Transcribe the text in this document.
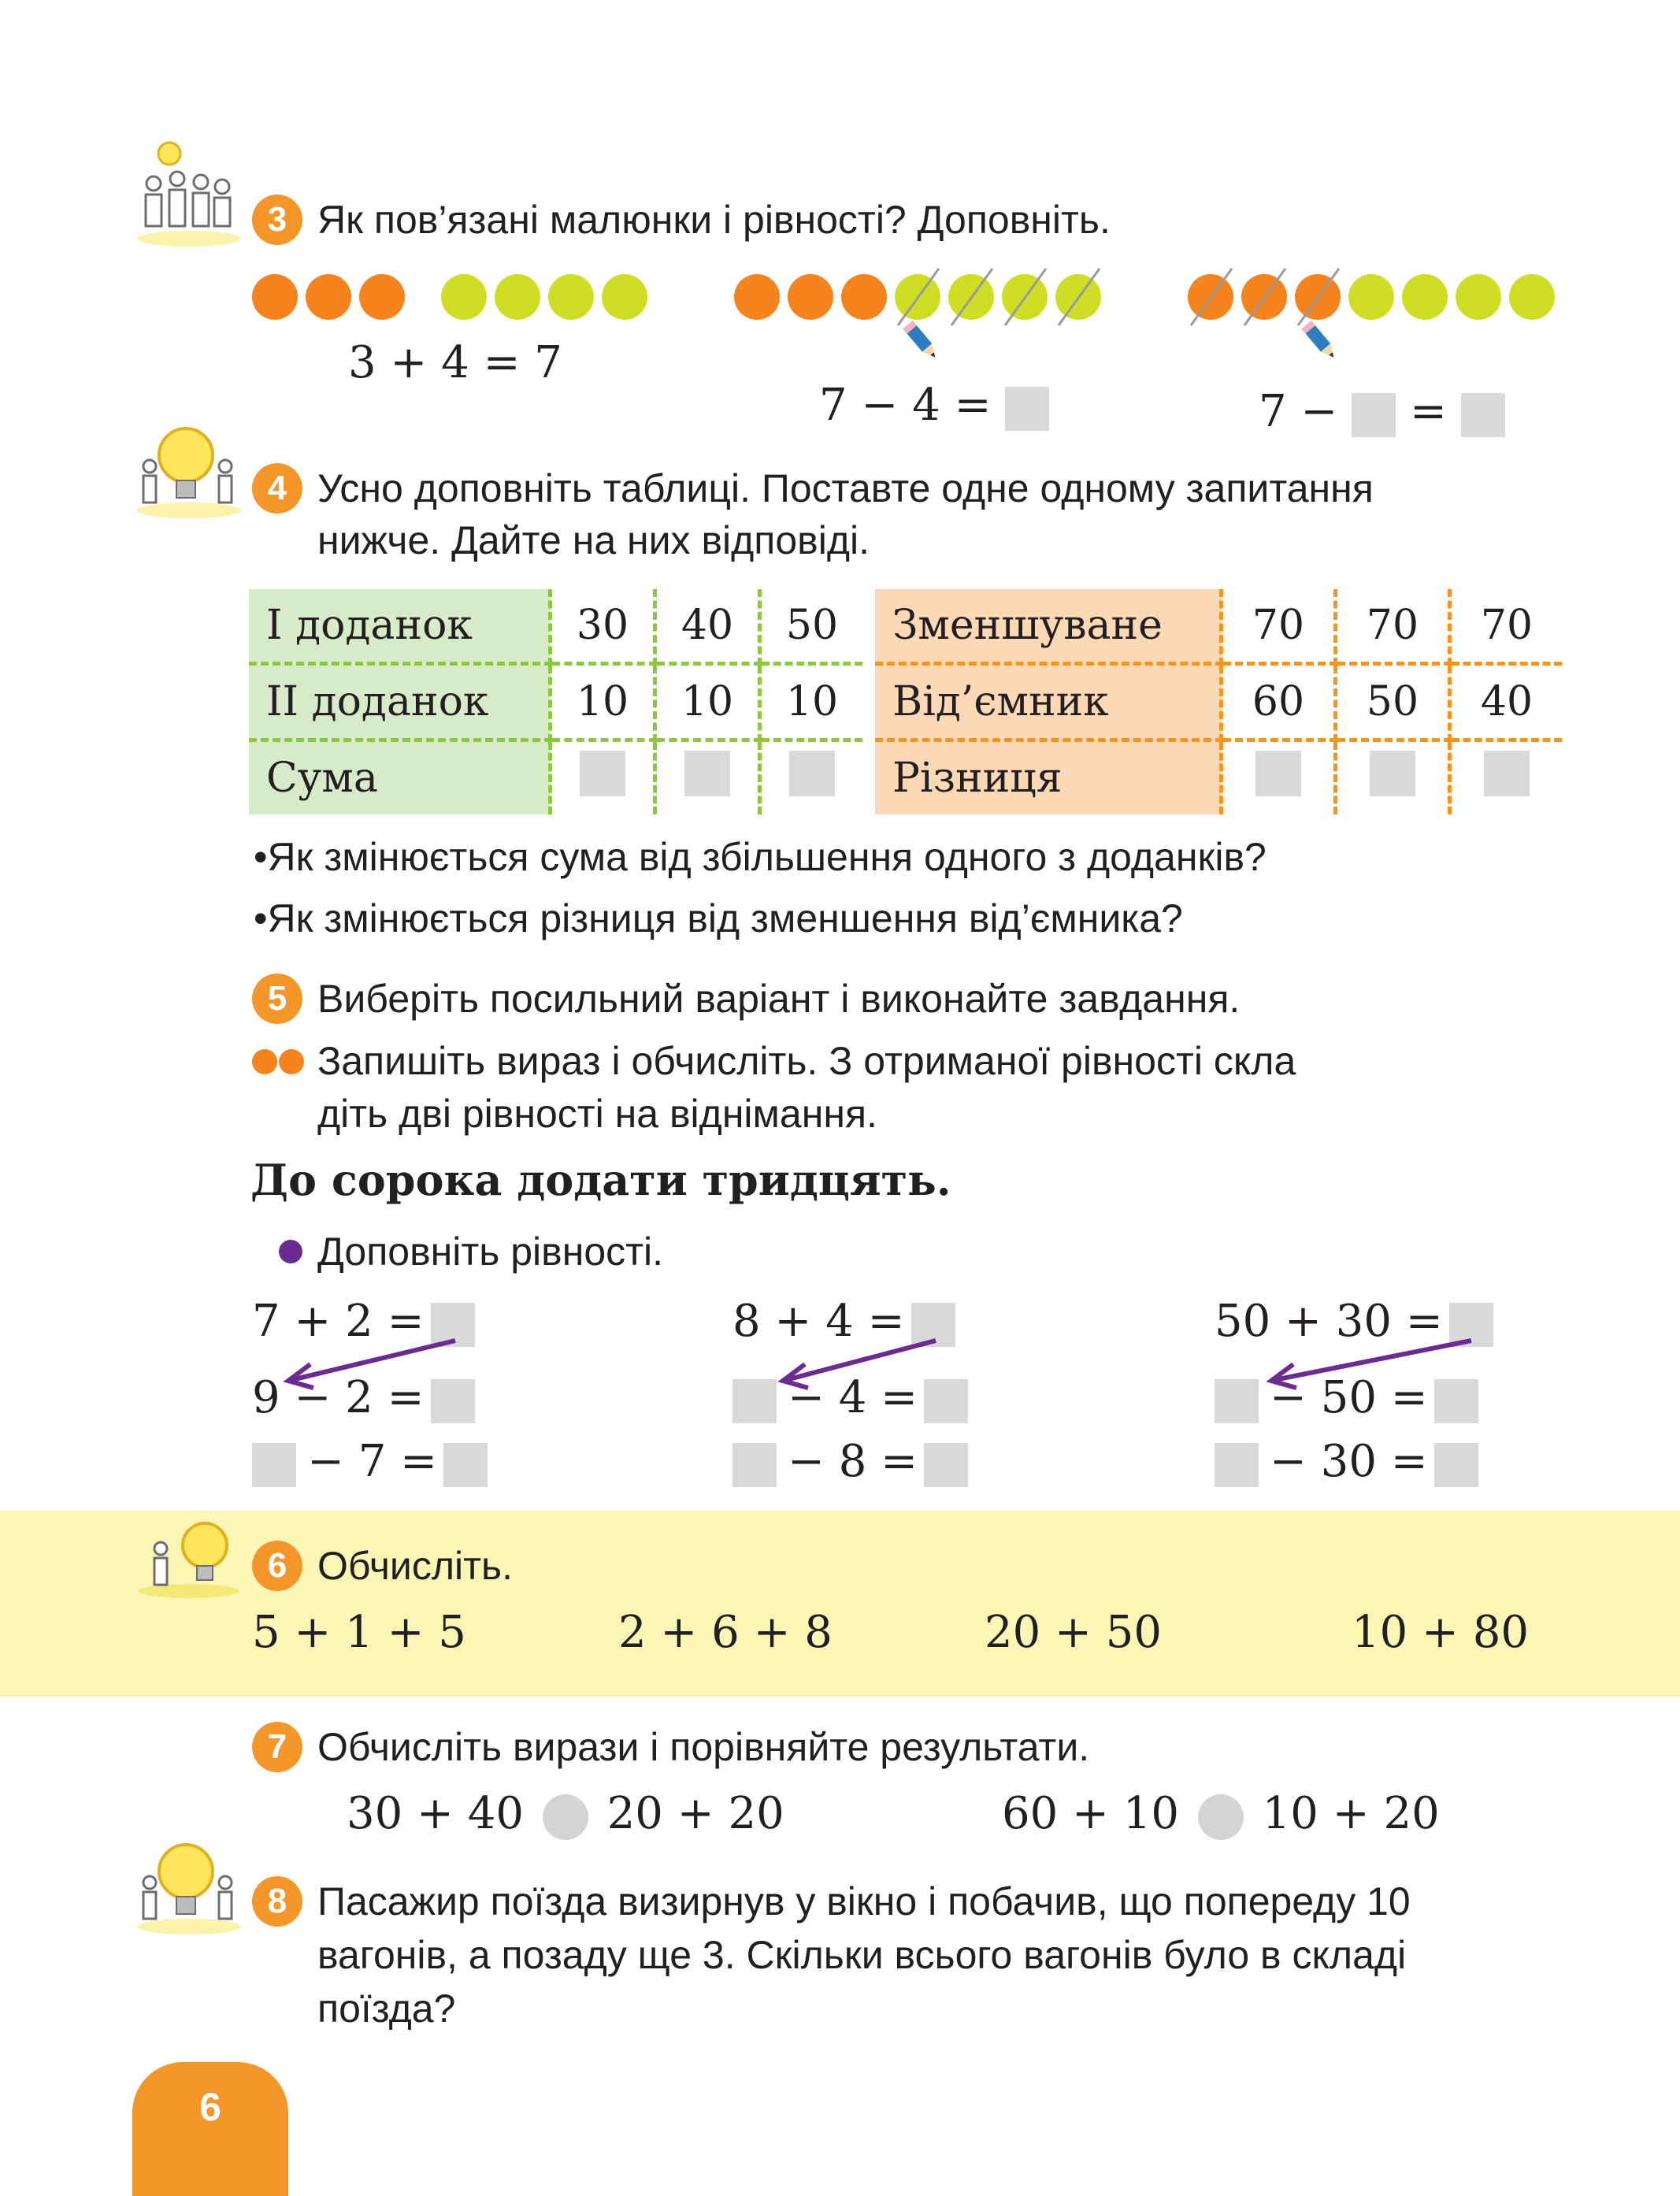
3 Як пов’язані малюнки і рівності? Доповніть.
3 + 4 = 7
7 − 4 =	7 − =
4 Усно доповніть таблиці. Поставте одне одному запитання
нижче. Дайте на них відповіді.
І доданок	30	40	50
ІІ доданок	10	10	10
Сума			
Зменшуване	70	70	70
Від’ємник	60	50	40
Різниця			
•Як змінюється сума від збільшення одного з доданків?
•Як змінюється різниця від зменшення від’ємника?
5 Виберіть посильний варіант і виконайте завдання.
Запишіть вираз і обчисліть. З отриманої рівності скла
діть дві рівності на віднімання.
До сорока додати тридцять.
Доповніть рівності.
7 + 2 =
9 − 2 =
− 7 =
8 + 4 =
− 4 =
− 8 =
50 + 30 =
− 50 =
− 30 =
6 Обчисліть.
5 + 1 + 5	2 + 6 + 8	20 + 50	10 + 80
7 Обчисліть вирази і порівняйте результати.
30 + 40 20 + 20	60 + 10 10 + 20
8 Пасажир поїзда визирнув у вікно і побачив, що попереду 10
вагонів, а позаду ще 3. Скільки всього вагонів було в складі
поїзда?
6
